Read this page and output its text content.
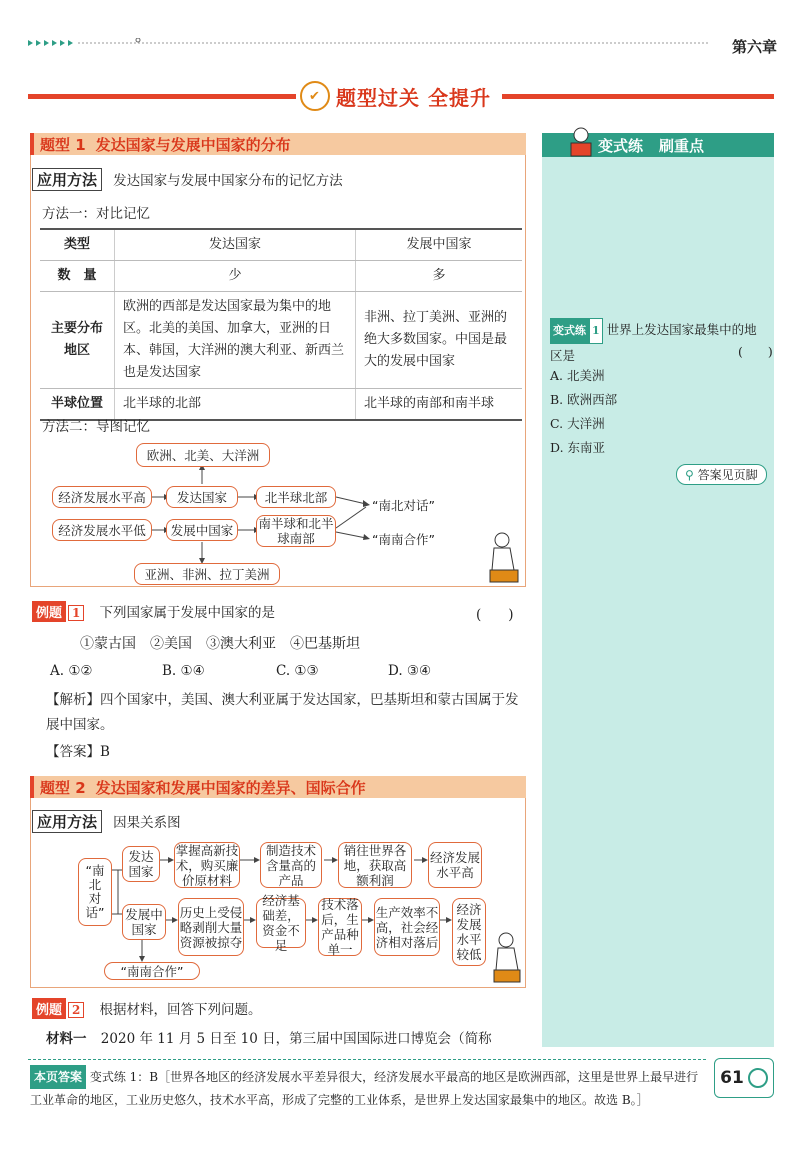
第六章
✔ 题型过关 全提升
题型 1 发达国家与发展中国家的分布
应用方法 发达国家与发展中国家分布的记忆方法
方法一：对比记忆
类型	发达国家	发展中国家
数　量	少	多
主要分布地区	欧洲的西部是发达国家最为集中的地区。北美的美国、加拿大，亚洲的日本、韩国，大洋洲的澳大利亚、新西兰也是发达国家	非洲、拉丁美洲、亚洲的绝大多数国家。中国是最大的发展中国家
半球位置	北半球的北部	北半球的南部和南半球
方法二：导图记忆
欧洲、北美、大洋洲
经济发展水平高	发达国家	北半球北部
“南北对话”
经济发展水平低	发展中国家	南半球和北半球南部	“南南合作”
亚洲、非洲、拉丁美洲
例题 1 下列国家属于发展中国家的是	(　　)
①蒙古国　②美国　③澳大利亚　④巴基斯坦
A. ①②	B. ①④	C. ①③	D. ③④
【解析】四个国家中，美国、澳大利亚属于发达国家，巴基斯坦和蒙古国属于发展中国家。
【答案】B
题型 2 发达国家和发展中国家的差异、国际合作
应用方法 因果关系图
“南北对话”
发达国家
掌握高新技术，购买廉价原材料
制造技术含量高的产品
销往世界各地，获取高额利润
经济发展水平高
发展中国家
历史上受侵略剥削大量资源被掠夺
经济基础差，资金不足
技术落后，生产品种单一
生产效率不高，社会经济相对落后
经济发展水平较低
“南南合作”
例题 2 根据材料，回答下列问题。
材料一 2020 年 11 月 5 日至 10 日，第三届中国国际进口博览会（简称
变式练 刷重点
变式练 1 世界上发达国家最集中的地区是	(　　)
A. 北美洲
B. 欧洲西部
C. 大洋洲
D. 东南亚
⚲ 答案见页脚
本页答案 变式练 1：B［世界各地区的经济发展水平差异很大，经济发展水平最高的地区是欧洲西部，这里是世界上最早进行工业革命的地区，工业历史悠久，技术水平高，形成了完整的工业体系，是世界上发达国家最集中的地区。故选 B。］
61
